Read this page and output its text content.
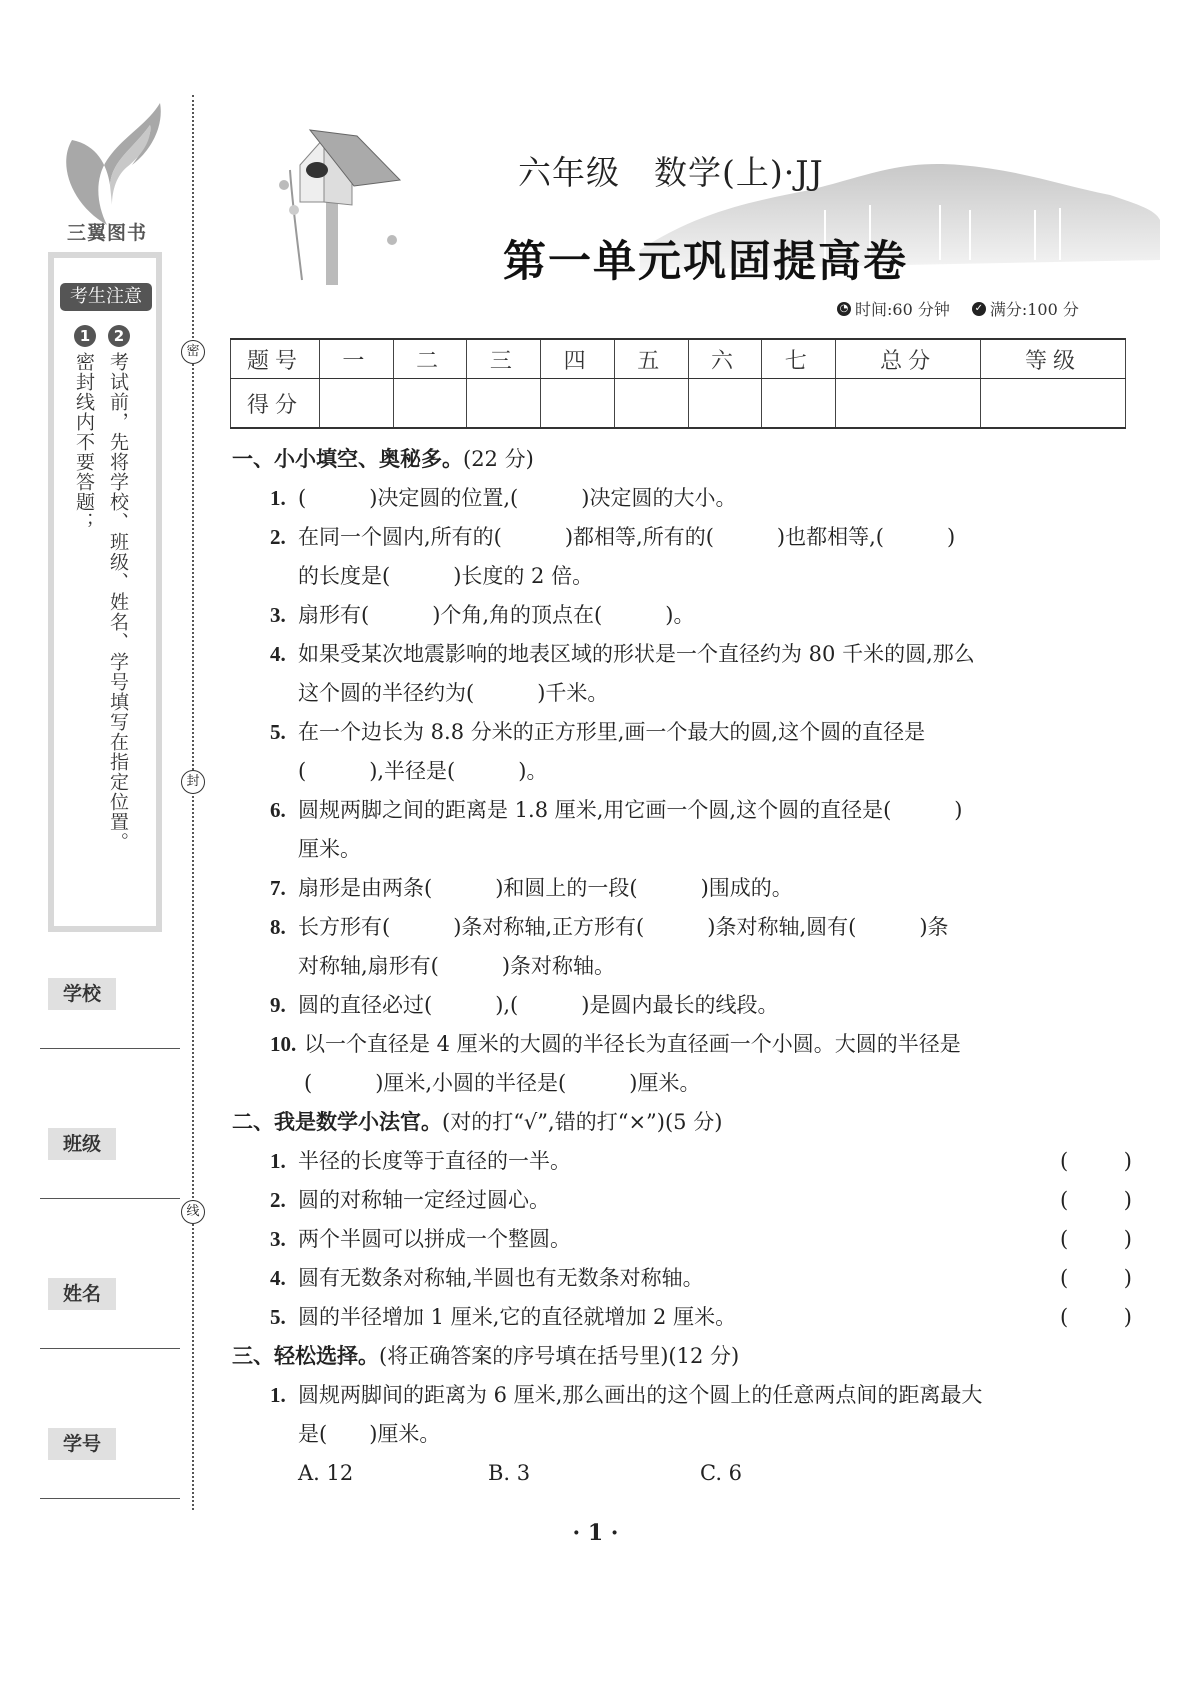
三翼图书
考生注意
1	2
密封线内不要答题； 考试前，先将学校、班级、姓名、学号填写在指定位置。
学校
班级
姓名
学号
密
封
线
六年级　数学(上)·JJ
第一单元巩固提高卷
◔ 时间:60 分钟 ✓ 满分:100 分
题号	一	二	三	四	五	六	七	总分	等级
得分									
一、小小填空、奥秘多。(22 分)
1. (　　　)决定圆的位置,(　　　)决定圆的大小。
2. 在同一个圆内,所有的(　　　)都相等,所有的(　　　)也都相等,(　　　)
的长度是(　　　)长度的 2 倍。
3. 扇形有(　　　)个角,角的顶点在(　　　)。
4. 如果受某次地震影响的地表区域的形状是一个直径约为 80 千米的圆,那么
这个圆的半径约为(　　　)千米。
5. 在一个边长为 8.8 分米的正方形里,画一个最大的圆,这个圆的直径是
(　　　),半径是(　　　)。
6. 圆规两脚之间的距离是 1.8 厘米,用它画一个圆,这个圆的直径是(　　　)
厘米。
7. 扇形是由两条(　　　)和圆上的一段(　　　)围成的。
8. 长方形有(　　　)条对称轴,正方形有(　　　)条对称轴,圆有(　　　)条
对称轴,扇形有(　　　)条对称轴。
9. 圆的直径必过(　　　),(　　　)是圆内最长的线段。
10. 以一个直径是 4 厘米的大圆的半径长为直径画一个小圆。大圆的半径是
(　　　)厘米,小圆的半径是(　　　)厘米。
二、我是数学小法官。(对的打“√”,错的打“×”)(5 分)
1. 半径的长度等于直径的一半。	(	)
2. 圆的对称轴一定经过圆心。	(	)
3. 两个半圆可以拼成一个整圆。	(	)
4. 圆有无数条对称轴,半圆也有无数条对称轴。	(	)
5. 圆的半径增加 1 厘米,它的直径就增加 2 厘米。	(	)
三、轻松选择。(将正确答案的序号填在括号里)(12 分)
1. 圆规两脚间的距离为 6 厘米,那么画出的这个圆上的任意两点间的距离最大
是(　　)厘米。
A. 12	B. 3	C. 6
· 1 ·
